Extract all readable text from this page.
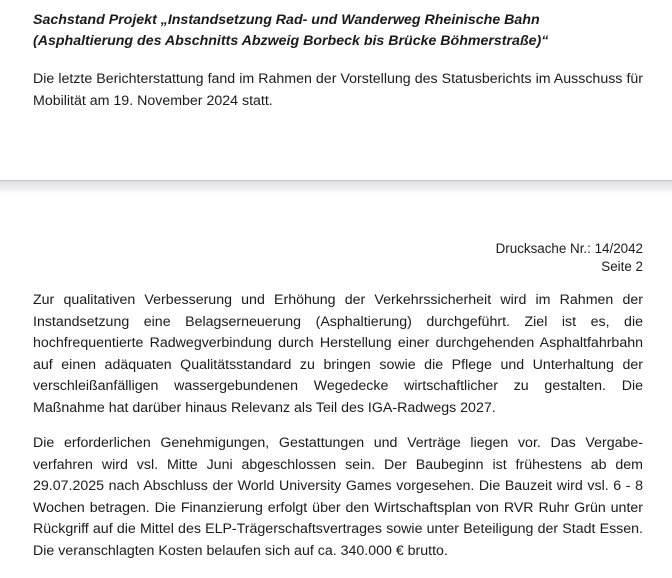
Sachstand Projekt „Instandsetzung Rad- und Wanderweg Rheinische Bahn (Asphaltierung des Abschnitts Abzweig Borbeck bis Brücke Böhmerstraße)“

Die letzte Berichterstattung fand im Rahmen der Vorstellung des Statusberichts im Ausschuss für Mobilität am 19. November 2024 statt.

Drucksache Nr.: 14/2042
Seite 2

Zur qualitativen Verbesserung und Erhöhung der Verkehrssicherheit wird im Rahmen der Instandsetzung eine Belagserneuerung (Asphaltierung) durchgeführt. Ziel ist es, die hochfrequentierte Radwegverbindung durch Herstellung einer durchgehenden Asphaltfahrbahn auf einen adäquaten Qualitätsstandard zu bringen sowie die Pflege und Unterhaltung der verschleißanfälligen wassergebundenen Wegedecke wirtschaftlicher zu gestalten. Die Maßnahme hat darüber hinaus Relevanz als Teil des IGA-Radwegs 2027.

Die erforderlichen Genehmigungen, Gestattungen und Verträge liegen vor. Das Vergabeverfahren wird vsl. Mitte Juni abgeschlossen sein. Der Baubeginn ist frühestens ab dem 29.07.2025 nach Abschluss der World University Games vorgesehen. Die Bauzeit wird vsl. 6 - 8 Wochen betragen. Die Finanzierung erfolgt über den Wirtschaftsplan von RVR Ruhr Grün unter Rückgriff auf die Mittel des ELP-Trägerschaftsvertrages sowie unter Beteiligung der Stadt Essen. Die veranschlagten Kosten belaufen sich auf ca. 340.000 € brutto.
